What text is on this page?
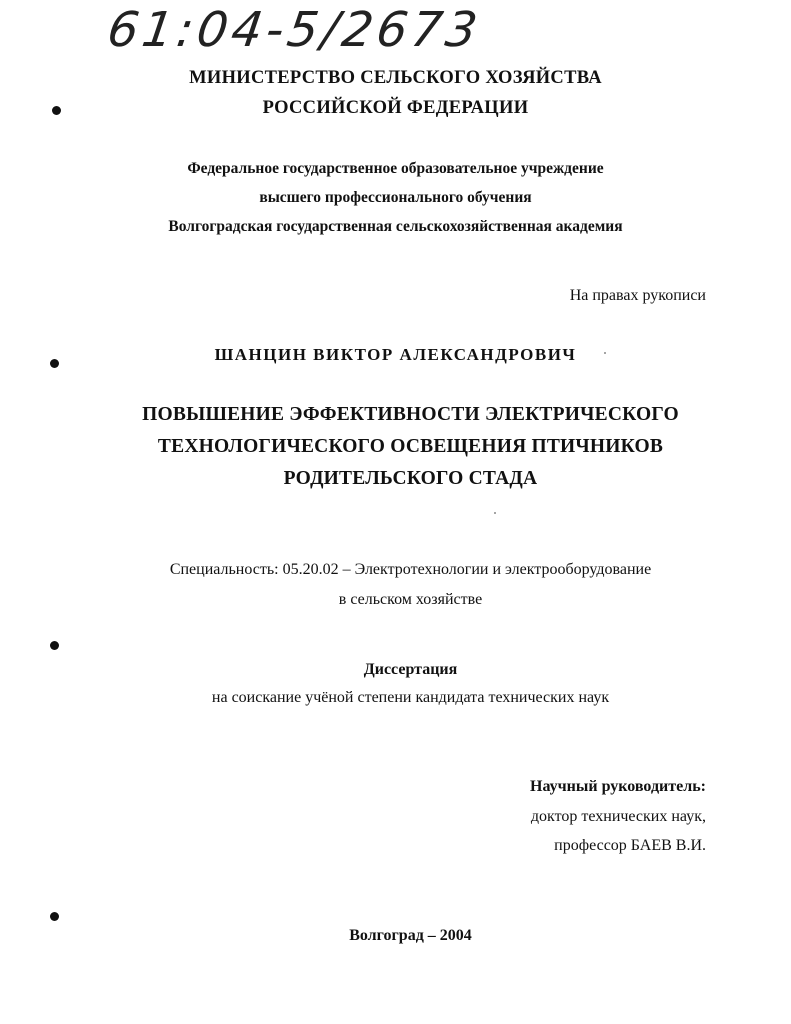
61:04-5/2673
МИНИСТЕРСТВО СЕЛЬСКОГО ХОЗЯЙСТВА
РОССИЙСКОЙ ФЕДЕРАЦИИ
Федеральное государственное образовательное учреждение
высшего профессионального обучения
Волгоградская государственная сельскохозяйственная академия
На правах рукописи
ШАНЦИН ВИКТОР АЛЕКСАНДРОВИЧ
ПОВЫШЕНИЕ ЭФФЕКТИВНОСТИ ЭЛЕКТРИЧЕСКОГО
ТЕХНОЛОГИЧЕСКОГО ОСВЕЩЕНИЯ ПТИЧНИКОВ
РОДИТЕЛЬСКОГО СТАДА
Специальность: 05.20.02 – Электротехнологии и электрооборудование
в сельском хозяйстве
Диссертация
на соискание учёной степени кандидата технических наук
Научный руководитель:
доктор технических наук,
профессор БАЕВ В.И.
Волгоград – 2004
